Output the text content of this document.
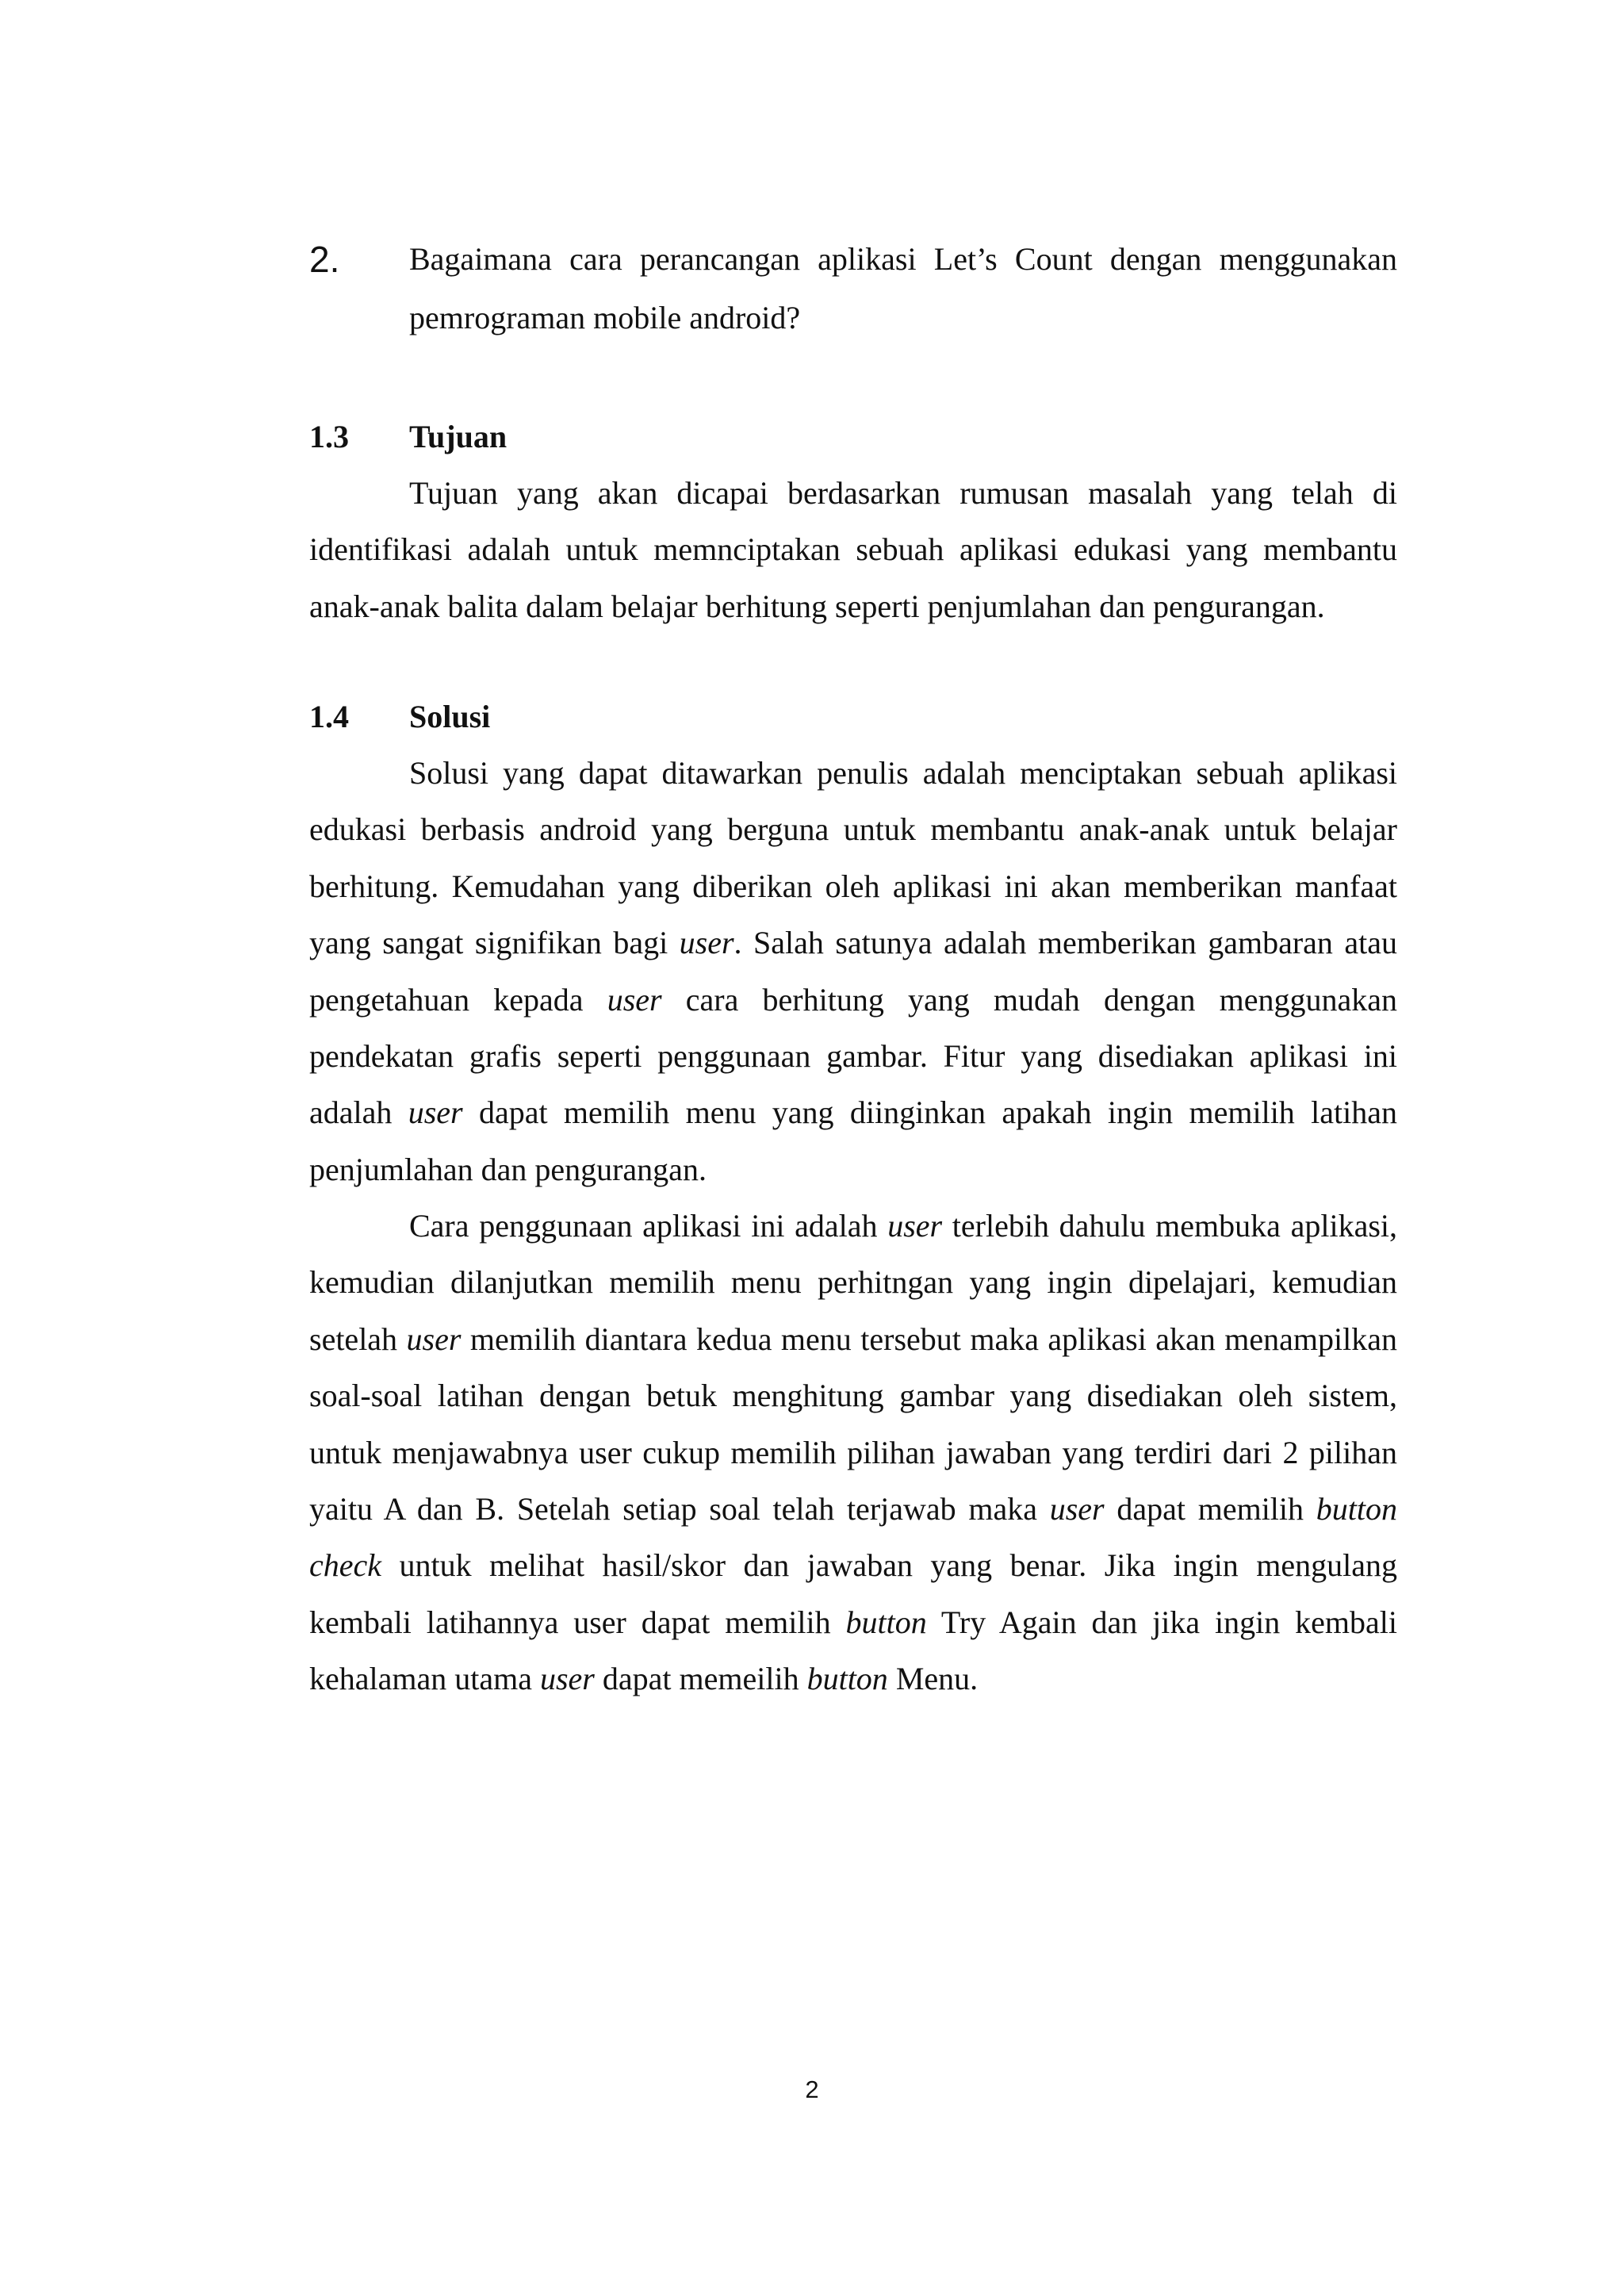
2. Bagaimana cara perancangan aplikasi Let’s Count dengan menggunakan pemrograman mobile android?
1.3 Tujuan
Tujuan yang akan dicapai berdasarkan rumusan masalah yang telah di identifikasi adalah untuk memnciptakan sebuah aplikasi edukasi yang membantu anak-anak balita dalam belajar berhitung seperti penjumlahan dan pengurangan.
1.4 Solusi
Solusi yang dapat ditawarkan penulis adalah menciptakan sebuah aplikasi edukasi berbasis android yang berguna untuk membantu anak-anak untuk belajar berhitung. Kemudahan yang diberikan oleh aplikasi ini akan memberikan manfaat yang sangat signifikan bagi user. Salah satunya adalah memberikan gambaran atau pengetahuan kepada user cara berhitung yang mudah dengan menggunakan pendekatan grafis seperti penggunaan gambar. Fitur yang disediakan aplikasi ini adalah user dapat memilih menu yang diinginkan apakah ingin memilih latihan penjumlahan dan pengurangan.
Cara penggunaan aplikasi ini adalah user terlebih dahulu membuka aplikasi, kemudian dilanjutkan memilih menu perhitngan yang ingin dipelajari, kemudian setelah user memilih diantara kedua menu tersebut maka aplikasi akan menampilkan soal-soal latihan dengan betuk menghitung gambar yang disediakan oleh sistem, untuk menjawabnya user cukup memilih pilihan jawaban yang terdiri dari 2 pilihan yaitu A dan B. Setelah setiap soal telah terjawab maka user dapat memilih button check untuk melihat hasil/skor dan jawaban yang benar. Jika ingin mengulang kembali latihannya user dapat memilih button Try Again dan jika ingin kembali kehalaman utama user dapat memeilih button Menu.
2
